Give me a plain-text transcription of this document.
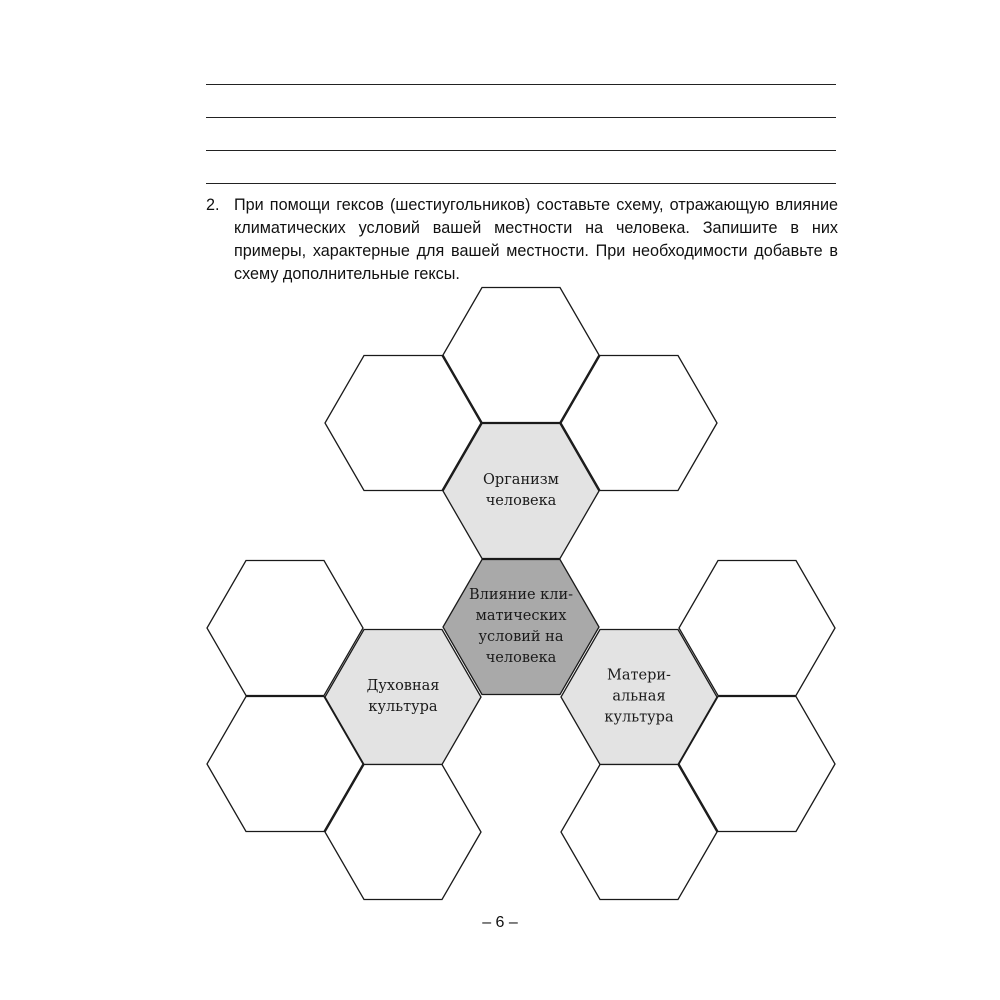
2. При помощи гексов (шестиугольников) составьте схему, отражающую влияние климатических условий вашей местности на человека. Запишите в них примеры, характерные для вашей местности. При необходимости добавьте в схему дополнительные гексы.
Влияние кли-
матических
условий на
человека
Организм
человека
Духовная
культура
Матери-
альная
культура
– 6 –
